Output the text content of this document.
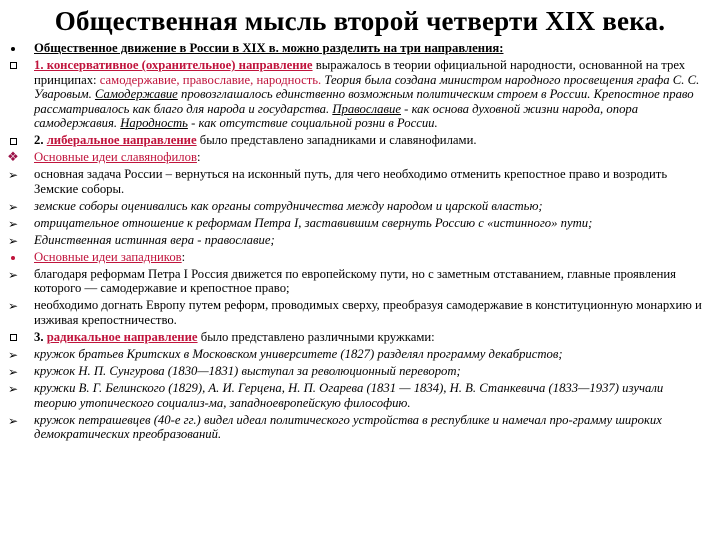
Общественная мысль второй четверти XIX века.
Общественное движение в России в XIX в. можно разделить на три направления:
1. консервативное (охранительное) направление выражалось в теории официальной народности, основанной на трех принципах: самодержавие, православие, народность. Теория была создана министром народного просвещения графа С. С. Уваровым. Самодержавие провозглашалось единственно возможным политическим строем в России. Крепостное право рассматривалось как благо для народа и государства. Православие - как основа духовной жизни народа, опора самодержавия. Народность - как отсутствие социальной розни в России.
2. либеральное направление было представлено западниками и славянофилами.
❖ Основные идеи славянофилов:
➢ основная задача России – вернуться на исконный путь, для чего необходимо отменить крепостное право и возродить Земские соборы.
➢ земские соборы оценивались как органы сотрудничества между народом и царской властью;
➢ отрицательное отношение к реформам Петра I, заставившим свернуть Россию с «истинного» пути;
➢ Единственная истинная вера - православие;
Основные идеи западников:
➢ благодаря реформам Петра I Россия движется по европейскому пути, но с заметным отставанием, главные проявления которого — самодержавие и крепостное право;
➢ необходимо догнать Европу путем реформ, проводимых сверху, преобразуя самодержавие в конституционную монархию и изживая крепостничество.
3. радикальное направление было представлено различными кружками:
➢ кружок братьев Критских в Московском университете (1827) разделял программу декабристов;
➢ кружок Н. П. Сунгурова (1830—1831) выступал за революционный переворот;
➢ кружки В. Г. Белинского (1829), А. И. Герцена, Н. П. Огарева (1831 — 1834), Н. В. Станкевича (1833—1937) изучали теорию утопического социализ-ма, западноевропейскую философию.
➢ кружок петрашевцев (40-е гг.) видел идеал политического устройства в республике и намечал про-грамму широких демократических преобразований.
